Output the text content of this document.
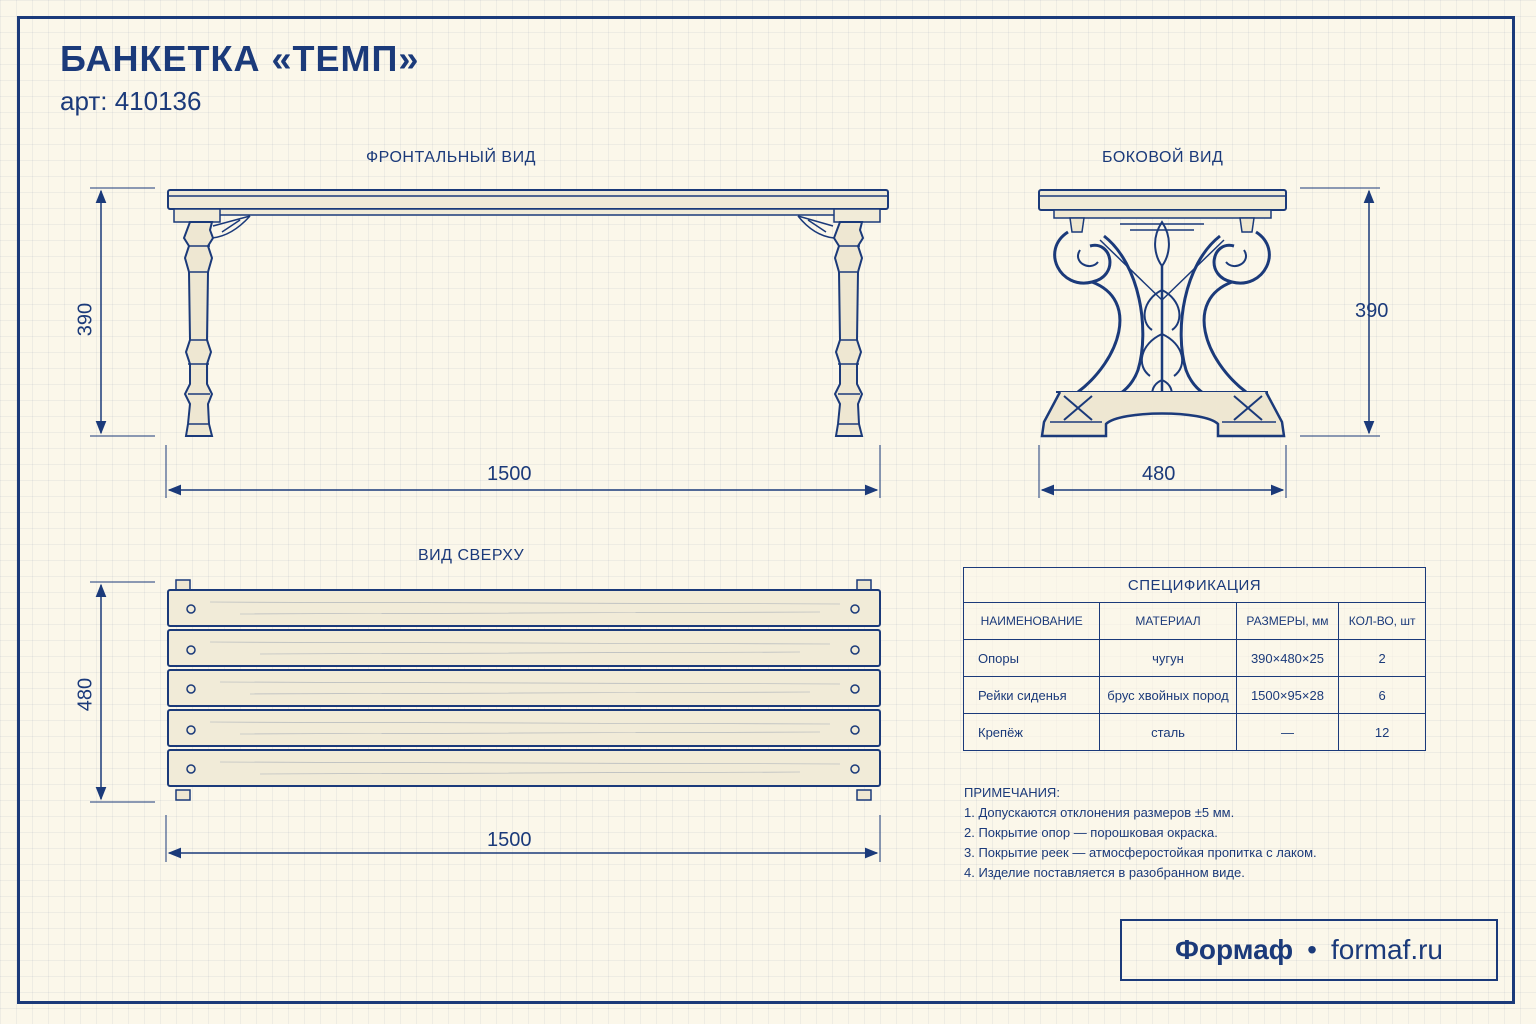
БАНКЕТКА «ТЕМП»
арт: 410136
ФРОНТАЛЬНЫЙ ВИД	БОКОВОЙ ВИД
ВИД СВЕРХУ
390
1500
390
480
480
1500
СПЕЦИФИКАЦИЯ			
НАИМЕНОВАНИЕ	МАТЕРИАЛ	РАЗМЕРЫ, мм	КОЛ-ВО, шт
Опоры	чугун	390×480×25	2
Рейки сиденья	брус хвойных пород	1500×95×28	6
Крепёж	сталь	—	12
ПРИМЕЧАНИЯ:
1. Допускаются отклонения размеров ±5 мм.
2. Покрытие опор — порошковая окраска.
3. Покрытие реек — атмосферостойкая пропитка с лаком.
4. Изделие поставляется в разобранном виде.
Формаф • formaf.ru
